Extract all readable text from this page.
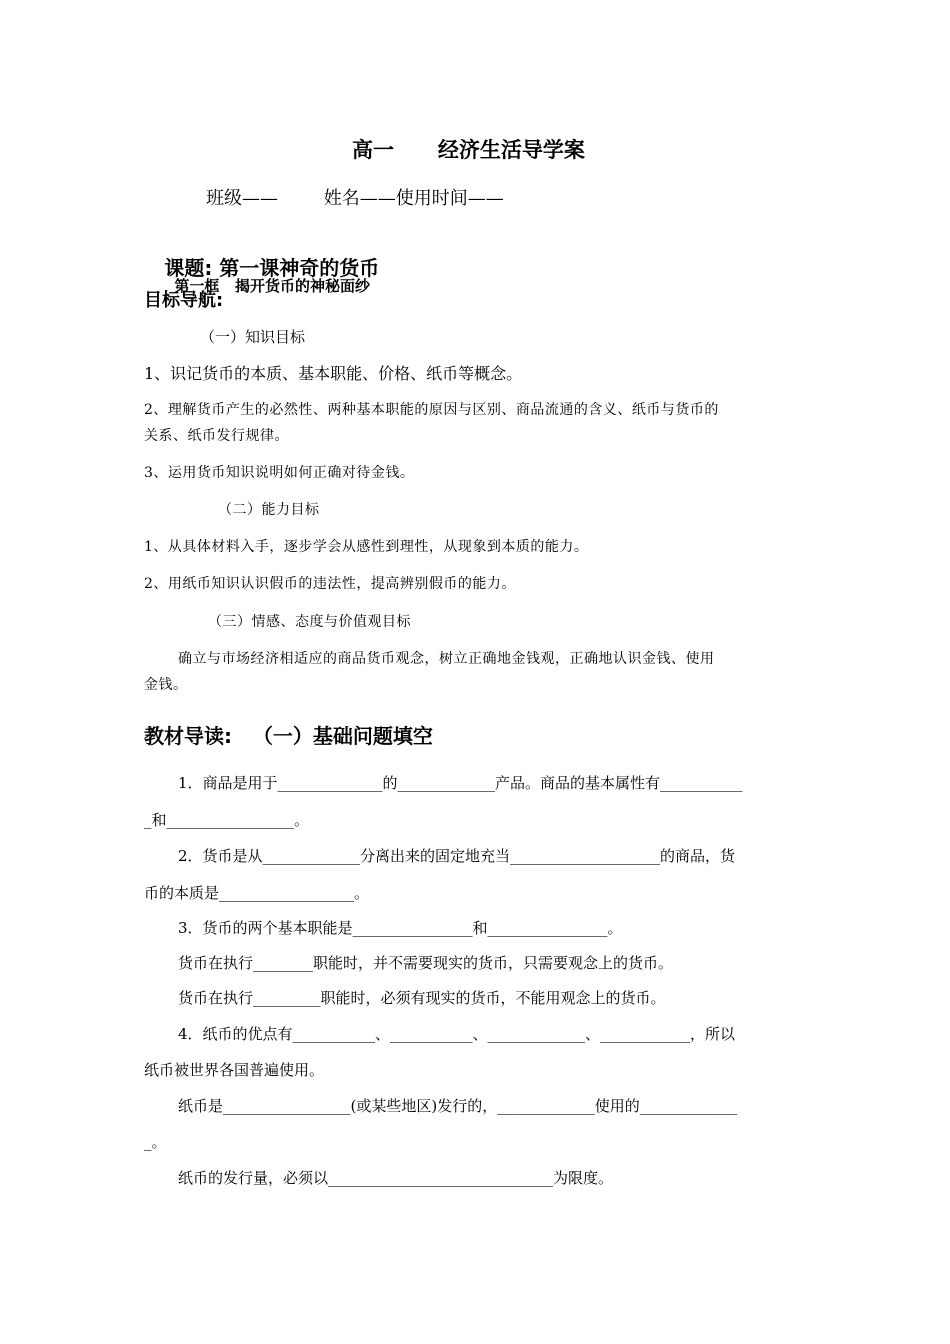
高一      经济生活导学案
班级——        姓名——使用时间——

课题: 第一课神奇的货币
第一框   揭开货币的神秘面纱

目标导航:
（一）知识目标
1、识记货币的本质、基本职能、价格、纸币等概念。
2、理解货币产生的必然性、两种基本职能的原因与区别、商品流通的含义、纸币与货币的
关系、纸币发行规律。
3、运用货币知识说明如何正确对待金钱。
（二）能力目标
1、从具体材料入手，逐步学会从感性到理性，从现象到本质的能力。
2、用纸币知识认识假币的违法性，提高辨别假币的能力。
（三）情感、态度与价值观目标
确立与市场经济相适应的商品货币观念，树立正确地金钱观，正确地认识金钱、使用
金钱。
教材导读:   （一）基础问题填空
1．商品是用于______________的_____________产品。商品的基本属性有___________
_和_________________。
2．货币是从_____________分离出来的固定地充当____________________的商品，货
币的本质是__________________。
3．货币的两个基本职能是________________和________________。
货币在执行________职能时，并不需要现实的货币，只需要观念上的货币。
货币在执行_________职能时，必须有现实的货币，不能用观念上的货币。
4．纸币的优点有___________、___________、_____________、____________，所以
纸币被世界各国普遍使用。
纸币是_________________(或某些地区)发行的，_____________使用的_____________
_。
纸币的发行量，必须以______________________________为限度。
